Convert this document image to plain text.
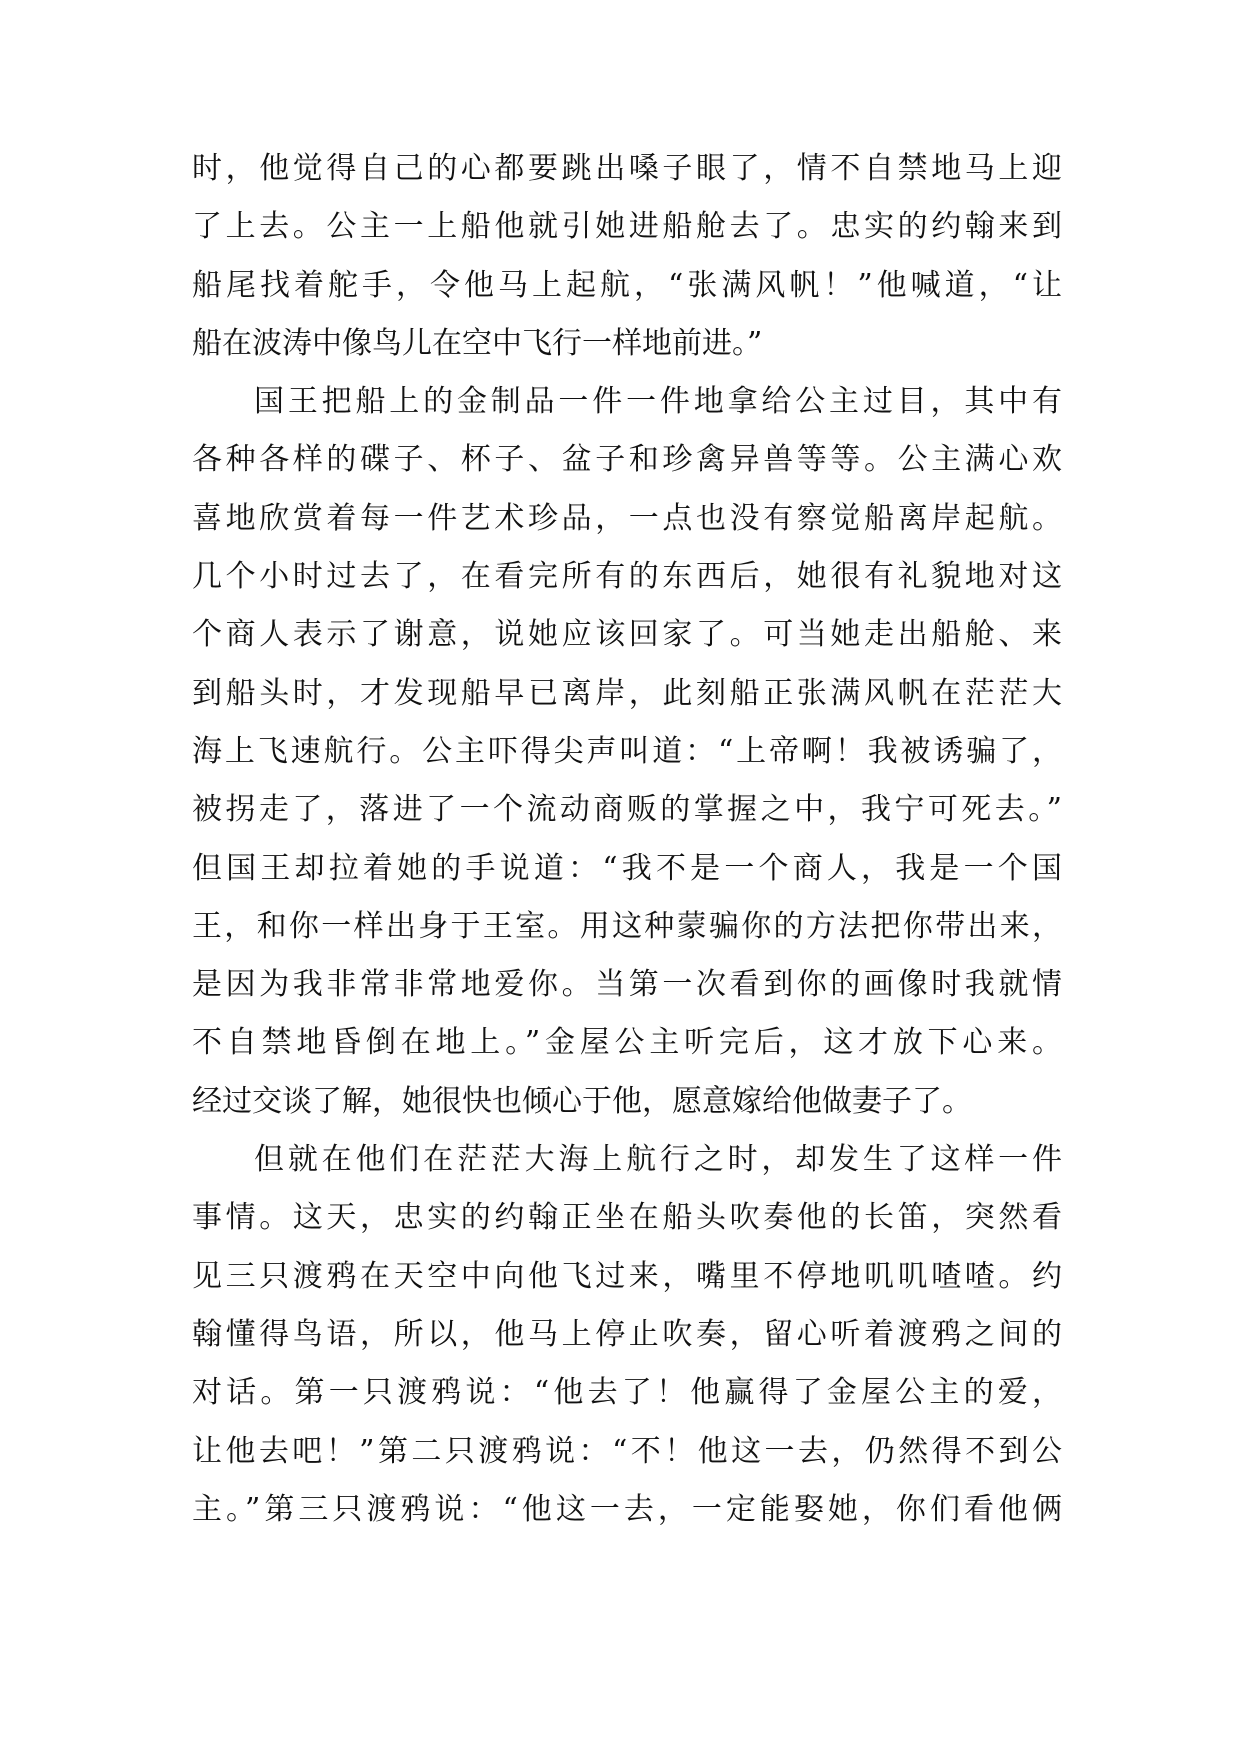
时，他觉得自己的心都要跳出嗓子眼了，情不自禁地马上迎
了上去。公主一上船他就引她进船舱去了。忠实的约翰来到
船尾找着舵手，令他马上起航，“张满风帆！”他喊道，“让
船在波涛中像鸟儿在空中飞行一样地前进。”
国王把船上的金制品一件一件地拿给公主过目，其中有
各种各样的碟子、杯子、盆子和珍禽异兽等等。公主满心欢
喜地欣赏着每一件艺术珍品，一点也没有察觉船离岸起航。
几个小时过去了，在看完所有的东西后，她很有礼貌地对这
个商人表示了谢意，说她应该回家了。可当她走出船舱、来
到船头时，才发现船早已离岸，此刻船正张满风帆在茫茫大
海上飞速航行。公主吓得尖声叫道：“上帝啊！我被诱骗了，
被拐走了，落进了一个流动商贩的掌握之中，我宁可死去。”
但国王却拉着她的手说道：“我不是一个商人，我是一个国
王，和你一样出身于王室。用这种蒙骗你的方法把你带出来，
是因为我非常非常地爱你。当第一次看到你的画像时我就情
不自禁地昏倒在地上。”金屋公主听完后，这才放下心来。
经过交谈了解，她很快也倾心于他，愿意嫁给他做妻子了。
但就在他们在茫茫大海上航行之时，却发生了这样一件
事情。这天，忠实的约翰正坐在船头吹奏他的长笛，突然看
见三只渡鸦在天空中向他飞过来，嘴里不停地叽叽喳喳。约
翰懂得鸟语，所以，他马上停止吹奏，留心听着渡鸦之间的
对话。第一只渡鸦说：“他去了！他赢得了金屋公主的爱，
让他去吧！”第二只渡鸦说：“不！他这一去，仍然得不到公
主。”第三只渡鸦说：“他这一去，一定能娶她，你们看他俩
